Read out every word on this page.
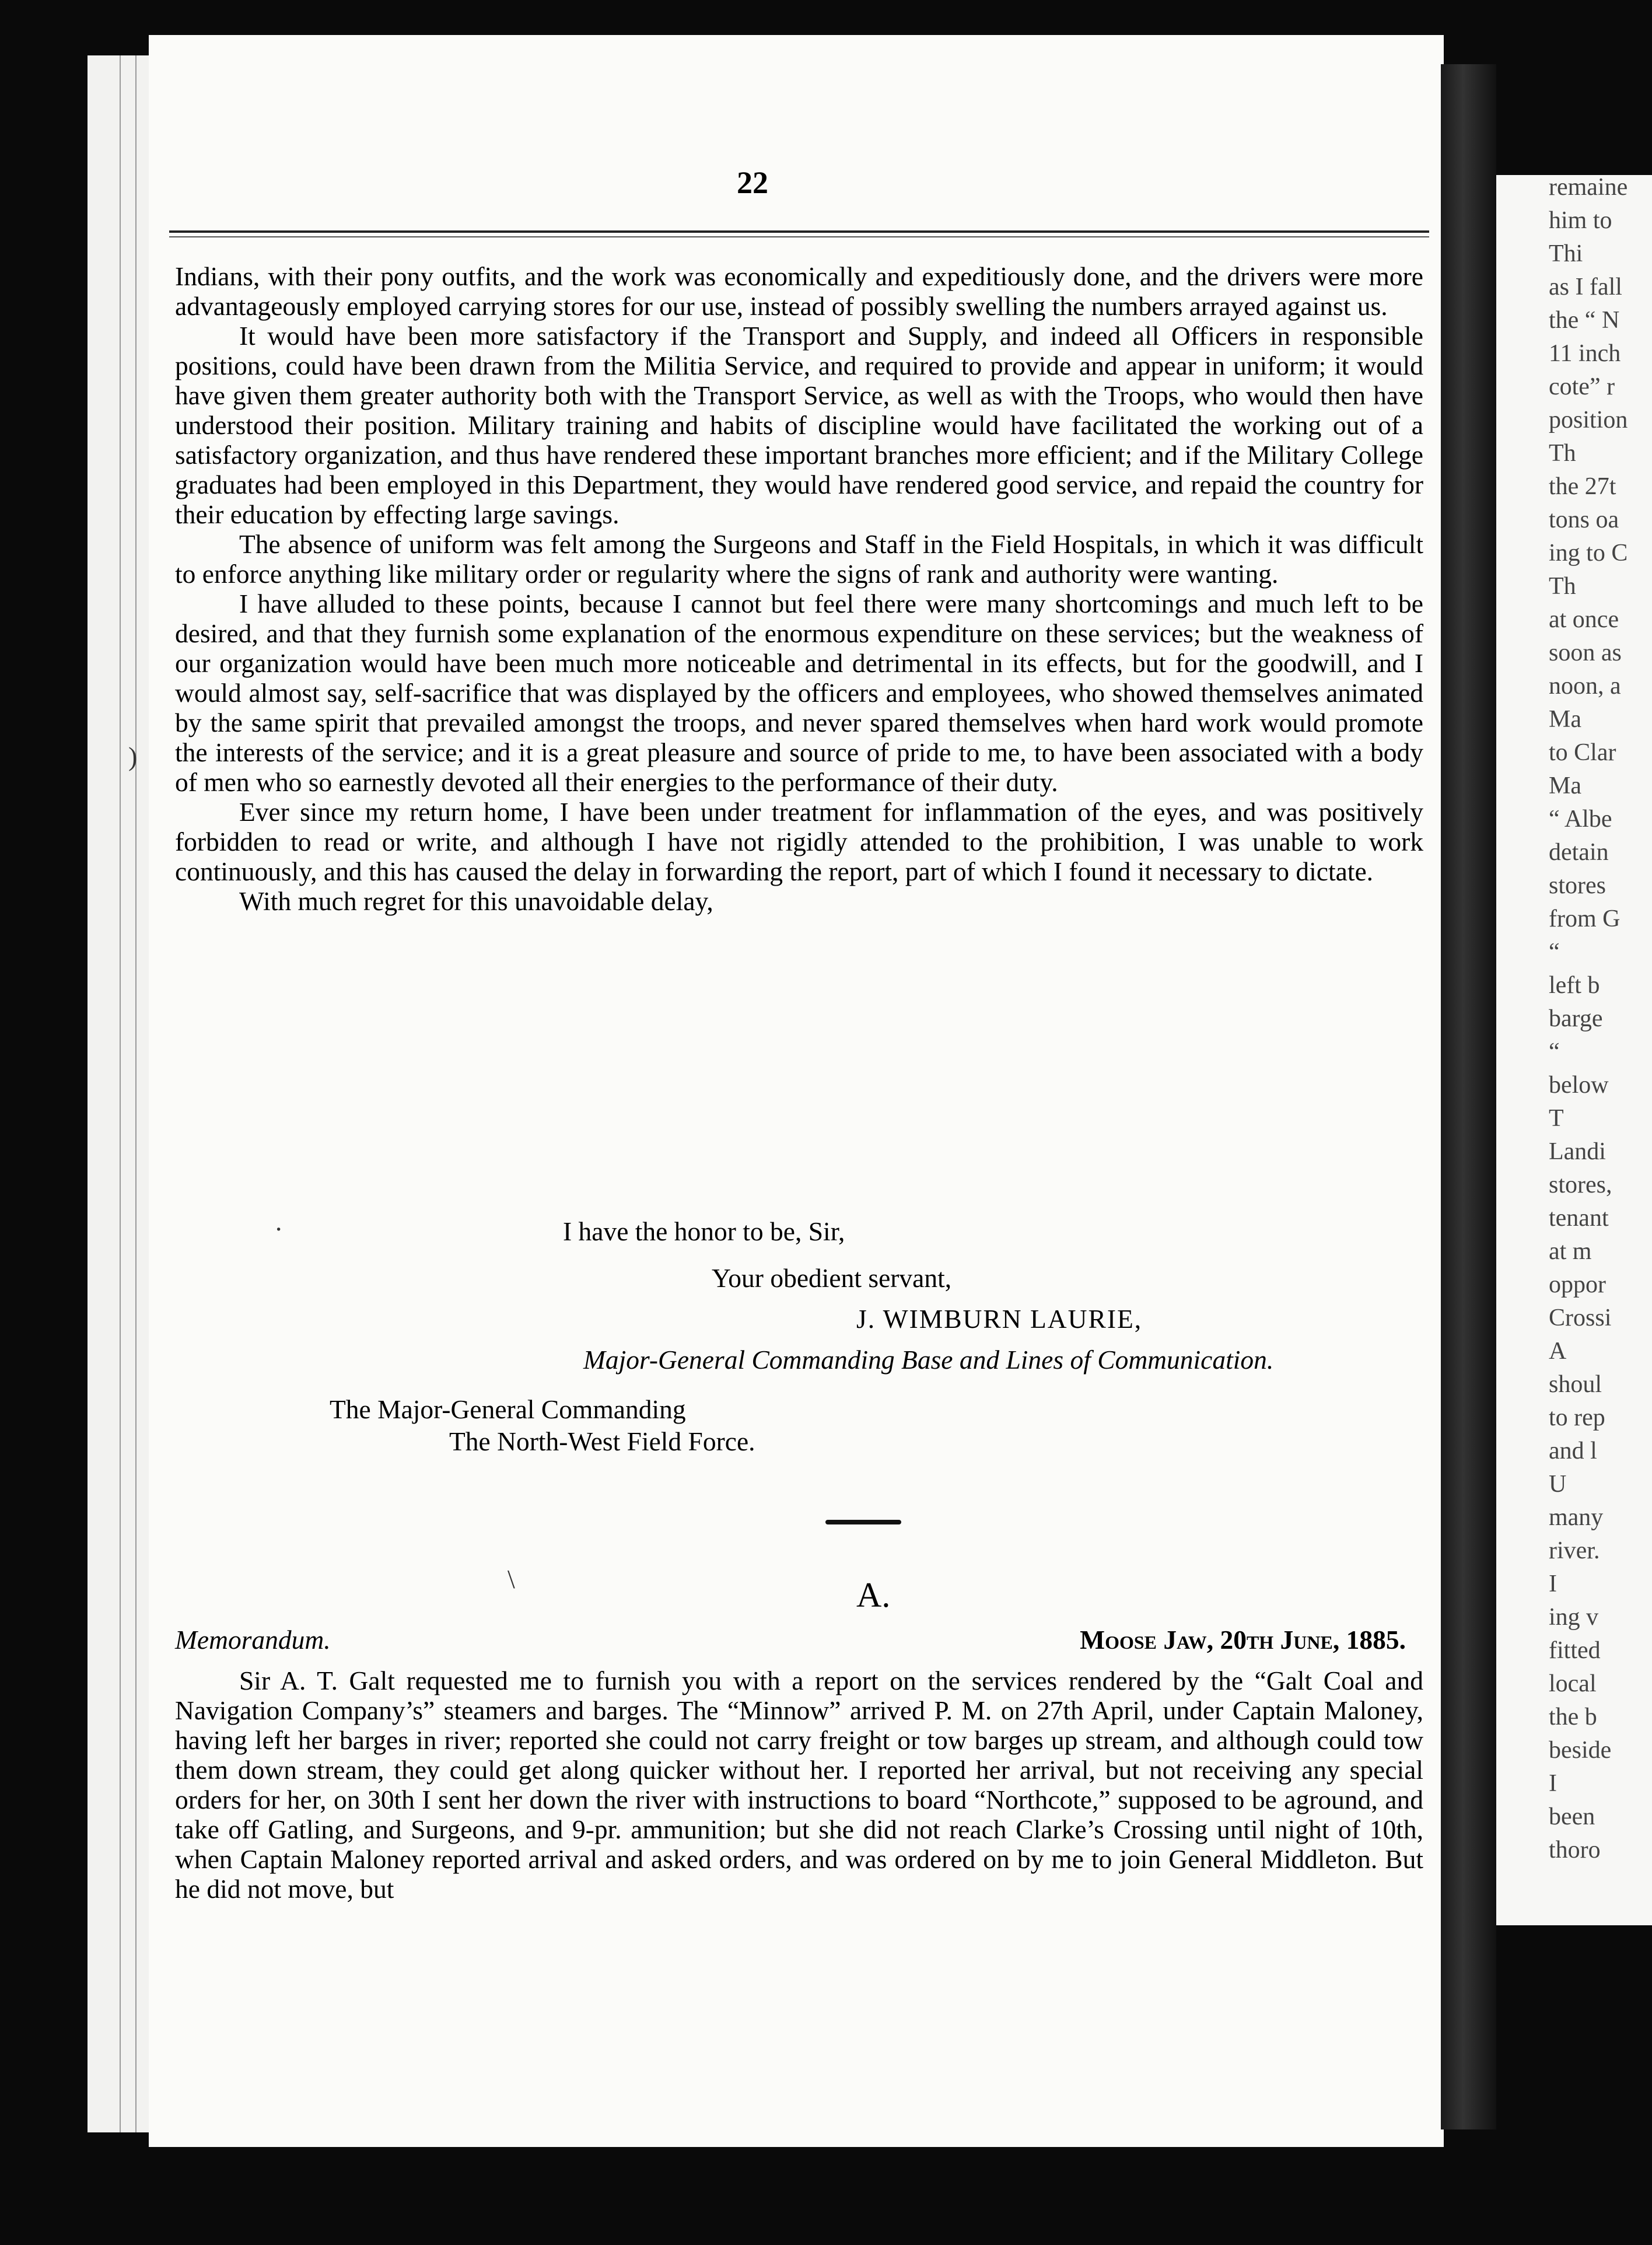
remaine
him to
Thi
as I fall
the “ N
11 inch
cote” r
position
Th
the 27t
tons oa
ing to C
Th
at once
soon as
noon, a
Ma
to Clar
Ma
“ Albe
detain
stores
from G
“
left b
barge
“
below
T
Landi
stores,
tenant
at m
oppor
Crossi
A
shoul
to rep
and l
U
many
river.
I
ing v
fitted
local
the b
beside
I
been
thoro
22

Indians, with their pony outfits, and the work was economically and expeditiously done, and the drivers were more advantageously employed carrying stores for our use, instead of possibly swelling the numbers arrayed against us.

It would have been more satisfactory if the Transport and Supply, and indeed all Officers in responsible positions, could have been drawn from the Militia Service, and required to provide and appear in uniform; it would have given them greater authority both with the Transport Service, as well as with the Troops, who would then have understood their position. Military training and habits of discipline would have facilitated the working out of a satisfactory organization, and thus have rendered these important branches more efficient; and if the Military College graduates had been employed in this Department, they would have rendered good service, and repaid the country for their education by effecting large savings.

The absence of uniform was felt among the Surgeons and Staff in the Field Hospitals, in which it was difficult to enforce anything like military order or regularity where the signs of rank and authority were wanting.

I have alluded to these points, because I cannot but feel there were many shortcomings and much left to be desired, and that they furnish some explanation of the enormous expenditure on these services; but the weakness of our organization would have been much more noticeable and detrimental in its effects, but for the goodwill, and I would almost say, self-sacrifice that was displayed by the officers and employees, who showed themselves animated by the same spirit that prevailed amongst the troops, and never spared themselves when hard work would promote the interests of the service; and it is a great pleasure and source of pride to me, to have been associated with a body of men who so earnestly devoted all their energies to the performance of their duty.

Ever since my return home, I have been under treatment for inflammation of the eyes, and was positively forbidden to read or write, and although I have not rigidly attended to the prohibition, I was unable to work continuously, and this has caused the delay in forwarding the report, part of which I found it necessary to dictate.

With much regret for this unavoidable delay,

I have the honor to be, Sir,
Your obedient servant,
J. WIMBURN LAURIE,
Major-General Commanding Base and Lines of Communication.
The Major-General Commanding
The North-West Field Force.
A.
Memorandum.	Moose Jaw, 20th June, 1885.

Sir A. T. Galt requested me to furnish you with a report on the services rendered by the “Galt Coal and Navigation Company’s” steamers and barges. The “Minnow” arrived P. M. on 27th April, under Captain Maloney, having left her barges in river; reported she could not carry freight or tow barges up stream, and although could tow them down stream, they could get along quicker without her. I reported her arrival, but not receiving any special orders for her, on 30th I sent her down the river with instructions to board “Northcote,” supposed to be aground, and take off Gatling, and Surgeons, and 9-pr. ammunition; but she did not reach Clarke’s Crossing until night of 10th, when Captain Maloney reported arrival and asked orders, and was ordered on by me to join General Middleton. But he did not move, but

)
·
\
